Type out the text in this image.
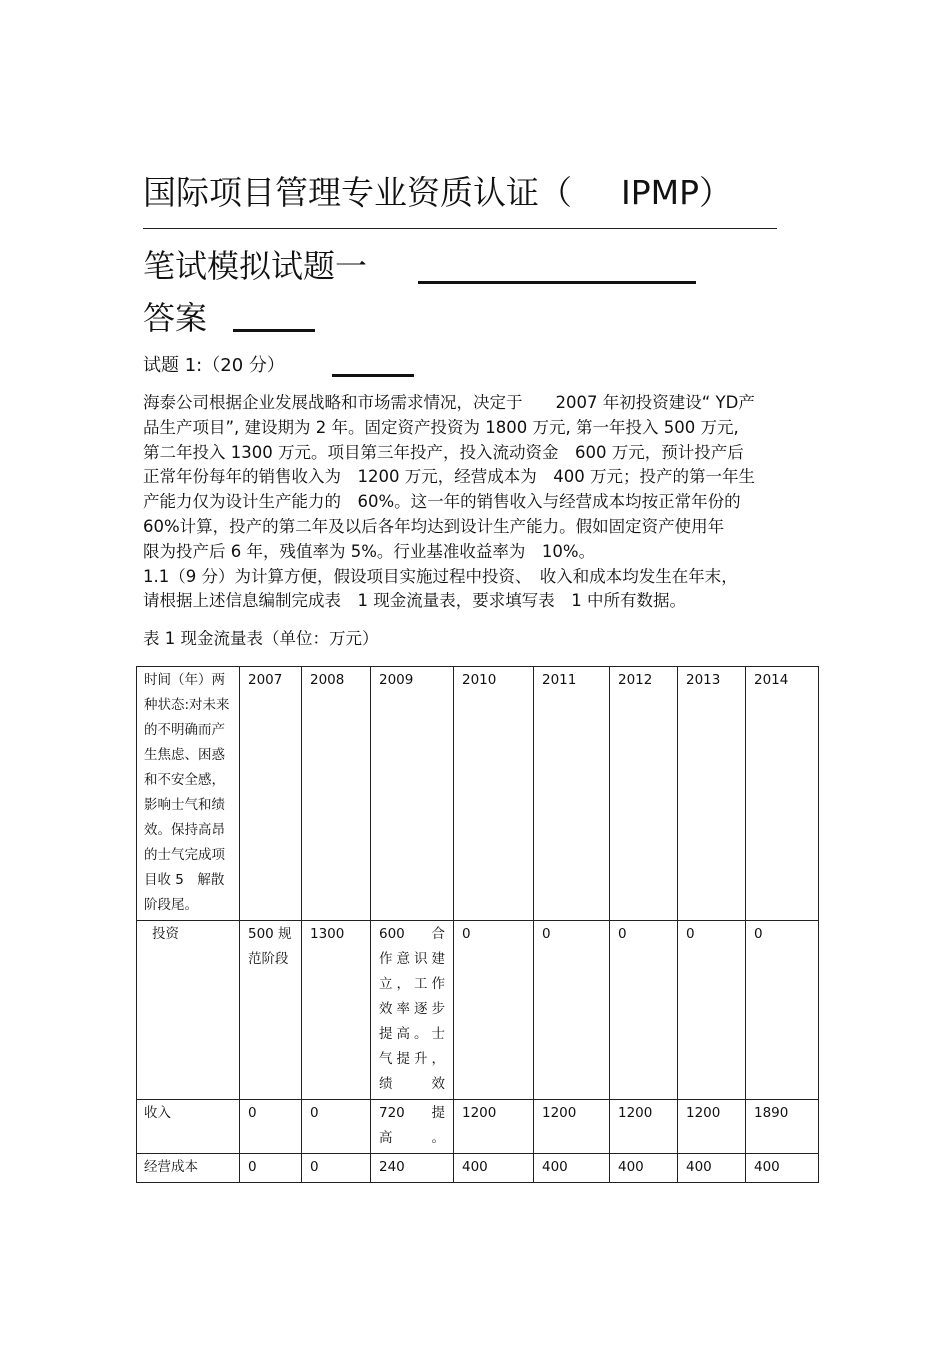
国际项目管理专业资质认证（ IPMP）
笔试模拟试题一
答案
试题 1:（20 分）
海泰公司根据企业发展战略和市场需求情况，决定于　　2007 年初投资建设“ YD产
品生产项目”, 建设期为 2 年。固定资产投资为 1800 万元, 第一年投入 500 万元,
第二年投入 1300 万元。项目第三年投产，投入流动资金　600 万元，预计投产后
正常年份每年的销售收入为　1200 万元，经营成本为　400 万元；投产的第一年生
产能力仅为设计生产能力的　60%。这一年的销售收入与经营成本均按正常年份的
60%计算，投产的第二年及以后各年均达到设计生产能力。假如固定资产使用年
限为投产后 6 年，残值率为 5%。行业基准收益率为　10%。
1.1（9 分）为计算方便，假设项目实施过程中投资、　收入和成本均发生在年末，
请根据上述信息编制完成表　1 现金流量表，要求填写表　1 中所有数据。
表 1 现金流量表（单位：万元）
时间（年）两种状态:对未来的不明确而产生焦虑、困惑和不安全感，影响士气和绩效。保持高昂的士气完成项目收 5　解散阶段尾。	2007	2008	2009	2010	2011	2012	2013	2014
投资	500 规范阶段	1300	600　合作意识建立，工作效率逐步提高。士气提升，绩效	0	0	0	0	0
收入	0	0	720　提高。	1200	1200	1200	1200	1890
经营成本	0	0	240	400	400	400	400	400
